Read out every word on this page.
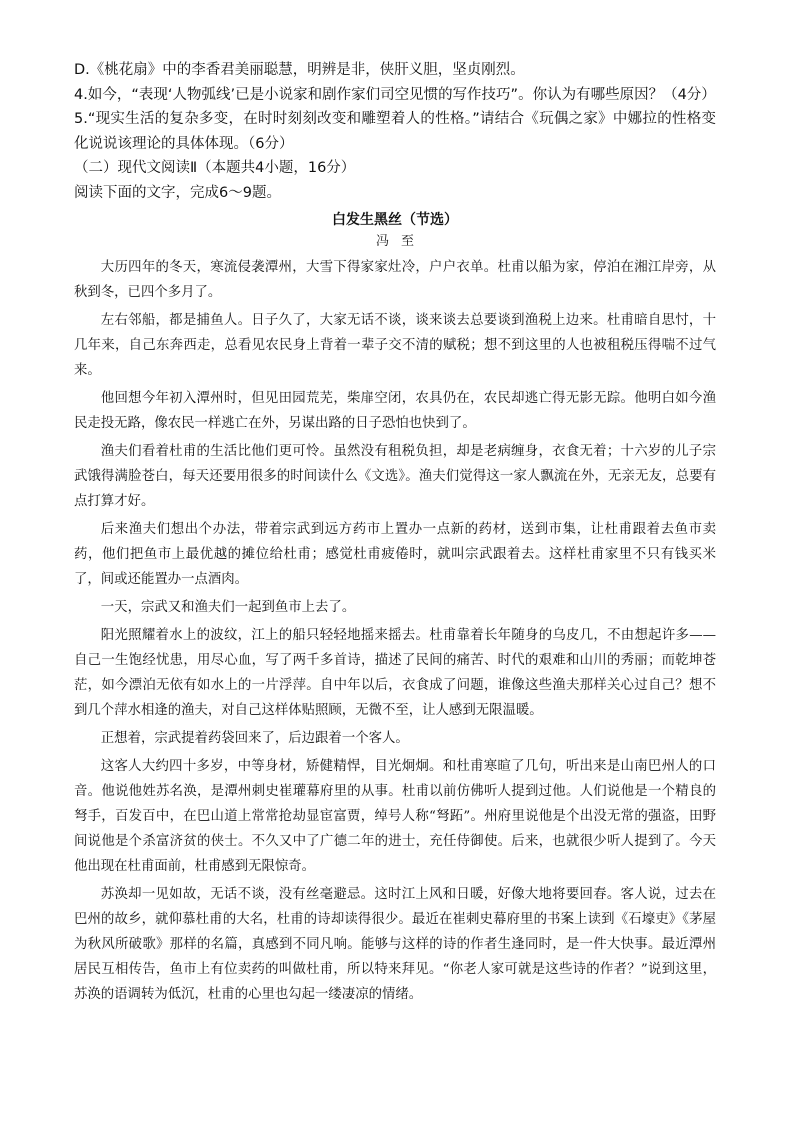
D.《桃花扇》中的李香君美丽聪慧，明辨是非，侠肝义胆，坚贞刚烈。

4.如今，“表现‘人物弧线’已是小说家和剧作家们司空见惯的写作技巧”。你认为有哪些原因？（4分）

5.“现实生活的复杂多变，在时时刻刻改变和雕塑着人的性格。”请结合《玩偶之家》中娜拉的性格变化说说该理论的具体体现。（6分）

（二）现代文阅读Ⅱ（本题共4小题，16分）

阅读下面的文字，完成6～9题。

白发生黑丝（节选）
冯至

大历四年的冬天，寒流侵袭潭州，大雪下得家家灶冷，户户衣单。杜甫以船为家，停泊在湘江岸旁，从秋到冬，已四个多月了。

左右邻船，都是捕鱼人。日子久了，大家无话不谈，谈来谈去总要谈到渔税上边来。杜甫暗自思忖，十几年来，自己东奔西走，总看见农民身上背着一辈子交不清的赋税；想不到这里的人也被租税压得喘不过气来。

他回想今年初入潭州时，但见田园荒芜，柴扉空闭，农具仍在，农民却逃亡得无影无踪。他明白如今渔民走投无路，像农民一样逃亡在外，另谋出路的日子恐怕也快到了。

渔夫们看着杜甫的生活比他们更可怜。虽然没有租税负担，却是老病缠身，衣食无着；十六岁的儿子宗武饿得满脸苍白，每天还要用很多的时间读什么《文选》。渔夫们觉得这一家人飘流在外，无亲无友，总要有点打算才好。

后来渔夫们想出个办法，带着宗武到远方药市上置办一点新的药材，送到市集，让杜甫跟着去鱼市卖药，他们把鱼市上最优越的摊位给杜甫；感觉杜甫疲倦时，就叫宗武跟着去。这样杜甫家里不只有钱买米了，间或还能置办一点酒肉。

一天，宗武又和渔夫们一起到鱼市上去了。

阳光照耀着水上的波纹，江上的船只轻轻地摇来摇去。杜甫靠着长年随身的乌皮几，不由想起许多——自己一生饱经忧患，用尽心血，写了两千多首诗，描述了民间的痛苦、时代的艰难和山川的秀丽；而乾坤苍茫，如今漂泊无依有如水上的一片浮萍。自中年以后，衣食成了问题，谁像这些渔夫那样关心过自己？想不到几个萍水相逢的渔夫，对自己这样体贴照顾，无微不至，让人感到无限温暖。

正想着，宗武提着药袋回来了，后边跟着一个客人。

这客人大约四十多岁，中等身材，矫健精悍，目光炯炯。和杜甫寒暄了几句，听出来是山南巴州人的口音。他说他姓苏名涣，是潭州刺史崔瓘幕府里的从事。杜甫以前仿佛听人提到过他。人们说他是一个精良的弩手，百发百中，在巴山道上常常抢劫显宦富贾，绰号人称“弩跖”。州府里说他是个出没无常的强盗，田野间说他是个杀富济贫的侠士。不久又中了广德二年的进士，充任侍御使。后来，也就很少听人提到了。今天他出现在杜甫面前，杜甫感到无限惊奇。

苏涣却一见如故，无话不谈，没有丝毫避忌。这时江上风和日暖，好像大地将要回春。客人说，过去在巴州的故乡，就仰慕杜甫的大名，杜甫的诗却读得很少。最近在崔刺史幕府里的书案上读到《石壕吏》《茅屋为秋风所破歌》那样的名篇，真感到不同凡响。能够与这样的诗的作者生逢同时，是一件大快事。最近潭州居民互相传告，鱼市上有位卖药的叫做杜甫，所以特来拜见。“你老人家可就是这些诗的作者？”说到这里，苏涣的语调转为低沉，杜甫的心里也勾起一缕凄凉的情绪。
